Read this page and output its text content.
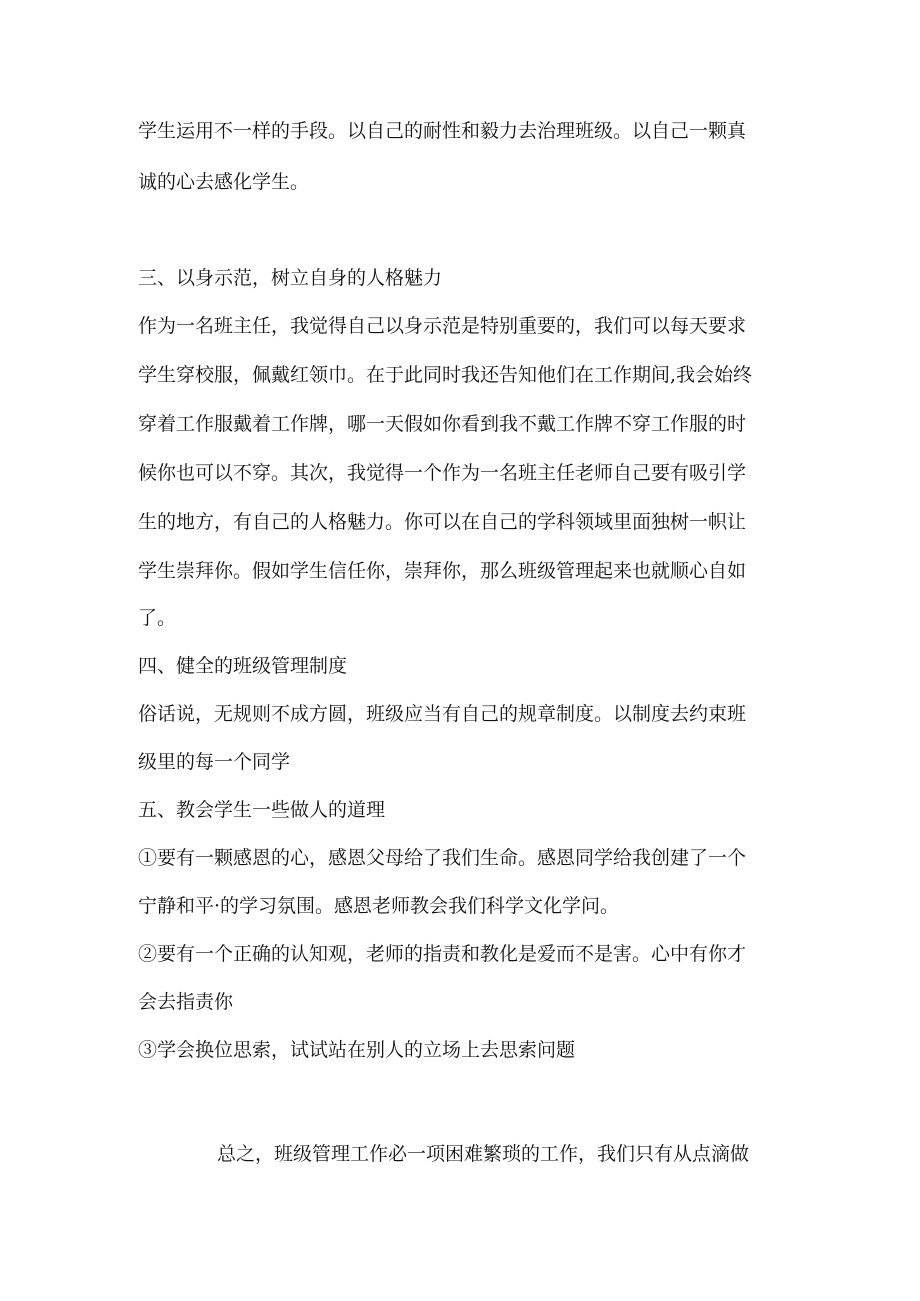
学生运用不一样的手段。以自己的耐性和毅力去治理班级。以自己一颗真

诚的心去感化学生。

三、以身示范，树立自身的人格魅力

作为一名班主任，我觉得自己以身示范是特别重要的，我们可以每天要求

学生穿校服，佩戴红领巾。在于此同时我还告知他们在工作期间,我会始终

穿着工作服戴着工作牌，哪一天假如你看到我不戴工作牌不穿工作服的时

候你也可以不穿。其次，我觉得一个作为一名班主任老师自己要有吸引学

生的地方，有自己的人格魅力。你可以在自己的学科领域里面独树一帜让

学生崇拜你。假如学生信任你，崇拜你，那么班级管理起来也就顺心自如

了。

四、健全的班级管理制度

俗话说，无规则不成方圆，班级应当有自己的规章制度。以制度去约束班

级里的每一个同学

五、教会学生一些做人的道理

①要有一颗感恩的心，感恩父母给了我们生命。感恩同学给我创建了一个

宁静和平·的学习氛围。感恩老师教会我们科学文化学问。

②要有一个正确的认知观，老师的指责和教化是爱而不是害。心中有你才

会去指责你

③学会换位思索，试试站在别人的立场上去思索问题

总之，班级管理工作必一项困难繁琐的工作，我们只有从点滴做
